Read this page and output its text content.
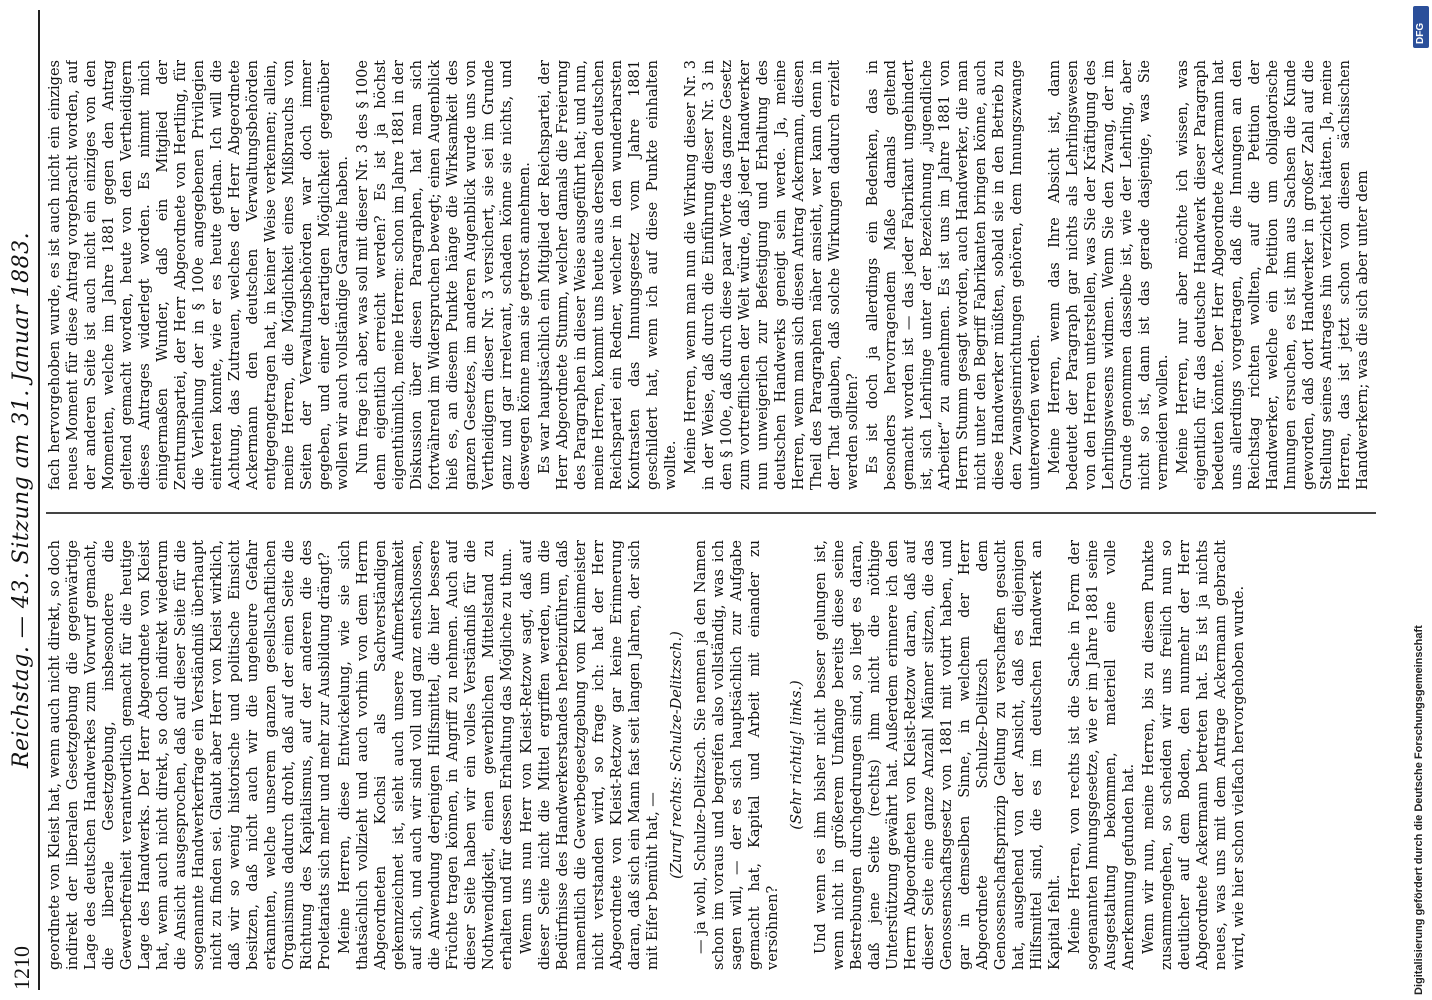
1210
Reichstag. — 43. Sitzung am 31. Januar 1883. geordnete von Kleist hat, wenn auch nicht direkt, so doch indirekt der liberalen Gesetzgebung die gegenwärtige Lage des deutschen Handwerkes zum Vorwurf gemacht, die liberale Gesetzgebung, insbesondere die Gewerbefreiheit verantwortlich gemacht für die heutige Lage des Handwerks. Der Herr Abgeordnete von Kleist hat, wenn auch nicht direkt, so doch indirekt wiederum die Ansicht ausgesprochen, daß auf dieser Seite für die sogenannte Handwerkerfrage ein Verständniß überhaupt nicht zu finden sei. Glaubt aber Herr von Kleist wirklich, daß wir so wenig historische und politische Einsicht besitzen, daß nicht auch wir die ungeheure Gefahr erkannten, welche unserem ganzen gesellschaftlichen Organismus dadurch droht, daß auf der einen Seite die Richtung des Kapitalismus, auf der anderen die des Proletariats sich mehr und mehr zur Ausbildung drängt? Meine Herren, diese Entwickelung, wie sie sich thatsächlich vollzieht und auch vorhin von dem Herrn Abgeordneten Kochsi als Sachverständigen gekennzeichnet ist, sieht auch unsere Aufmerksamkeit auf sich, und auch wir sind voll und ganz entschlossen, die Anwendung derjenigen Hilfsmittel, die hier bessere Früchte tragen können, in Angriff zu nehmen. Auch auf dieser Seite haben wir ein volles Verständniß für die Nothwendigkeit, einen gewerblichen Mittelstand zu erhalten und für dessen Erhaltung das Mögliche zu thun. Wenn uns nun Herr von Kleist-Retzow sagt, daß auf dieser Seite nicht die Mittel ergriffen werden, um die Bedürfnisse des Handwerkerstandes herbeizuführen, daß namentlich die Gewerbegesetzgebung vom Kleinmeister nicht verstanden wird, so frage ich: hat der Herr Abgeordnete von Kleist-Retzow gar keine Erinnerung daran, daß sich ein Mann fast seit langen Jahren, der sich mit Eifer bemüht hat, —

(Zuruf rechts: Schulze-Delitzsch.) — ja wohl, Schulze-Delitzsch. Sie nennen ja den Namen schon im voraus und begreifen also vollständig, was ich sagen will, — der es sich hauptsächlich zur Aufgabe gemacht hat, Kapital und Arbeit mit einander zu versöhnen?

(Sehr richtig! links.) Und wenn es ihm bisher nicht besser gelungen ist, wenn nicht in größerem Umfange bereits diese seine Bestrebungen durchgedrungen sind, so liegt es daran, daß jene Seite (rechts) ihm nicht die nöthige Unterstützung gewährt hat. Außerdem erinnere ich den Herrn Abgeordneten von Kleist-Retzow daran, daß auf dieser Seite eine ganze Anzahl Männer sitzen, die das Genossenschaftsgesetz von 1881 mit votirt haben, und gar in demselben Sinne, in welchem der Herr Abgeordnete Schulze-Delitzsch dem Genossenschaftsprinzip Geltung zu verschaffen gesucht hat, ausgehend von der Ansicht, daß es diejenigen Hilfsmittel sind, die es im deutschen Handwerk an Kapital fehlt. Meine Herren, von rechts ist die Sache in Form der sogenannten Innungsgesetze, wie er im Jahre 1881 seine Ausgestaltung bekommen, materiell eine volle Anerkennung gefunden hat. Wenn wir nun, meine Herren, bis zu diesem Punkte zusammengehen, so scheiden wir uns freilich nun so deutlicher auf dem Boden, den nunmehr der Herr Abgeordnete Ackermann betreten hat. Es ist ja nichts neues, was uns mit dem Antrage Ackermann gebracht wird, wie hier schon vielfach hervorgehoben wurde.

fach hervorgehoben wurde, es ist auch nicht ein einziges neues Moment für diese Antrag vorgebracht worden, auf der anderen Seite ist auch nicht ein einziges von den Momenten, welche im Jahre 1881 gegen den Antrag geltend gemacht worden, heute von den Vertheidigern dieses Antrages widerlegt worden. Es nimmt mich einigermaßen Wunder, daß ein Mitglied der Zentrumspartei, der Herr Abgeordnete von Hertling, für die Verleihung der in § 100e angegebenen Privilegien eintreten konnte, wie er es heute gethan. Ich will die Achtung, das Zutrauen, welches der Herr Abgeordnete Ackermann den deutschen Verwaltungsbehörden entgegengetragen hat, in keiner Weise verkennen; allein, meine Herren, die Möglichkeit eines Mißbrauchs von Seiten der Verwaltungsbehörden war doch immer gegeben, und einer derartigen Möglichkeit gegenüber wollen wir auch vollständige Garantie haben. Nun frage ich aber, was soll mit dieser Nr. 3 des § 100e denn eigentlich erreicht werden? Es ist ja höchst eigenthümlich, meine Herren: schon im Jahre 1881 in der Diskussion über diesen Paragraphen, hat man sich fortwährend im Widerspruchen bewegt; einen Augenblick hieß es, an diesem Punkte hänge die Wirksamkeit des ganzen Gesetzes, im anderen Augenblick wurde uns von Vertheidigern dieser Nr. 3 versichert, sie sei im Grunde ganz und gar irrelevant, schaden könne sie nichts, und deswegen könne man sie getrost annehmen. Es war hauptsächlich ein Mitglied der Reichspartei, der Herr Abgeordnete Stumm, welcher damals die Freierung des Paragraphen in dieser Weise ausgeführt hat; und nun, meine Herren, kommt uns heute aus derselben deutschen Reichspartei ein Redner, welcher in den wunderbarsten Kontrasten das Innungsgesetz vom Jahre 1881 geschildert hat, wenn ich auf diese Punkte einhalten wollte. Meine Herren, wenn man nun die Wirkung dieser Nr. 3 in der Weise, daß durch die Einführung dieser Nr. 3 in den § 100e, daß durch diese paar Worte das ganze Gesetz zum vortrefflichen der Welt würde, daß jeder Handwerker nun unweigerlich zur Befestigung und Erhaltung des deutschen Handwerks geneigt sein werde. Ja, meine Herren, wenn man sich diesen Antrag Ackermann, diesen Theil des Paragraphen näher ansieht, wer kann denn in der That glauben, daß solche Wirkungen dadurch erzielt werden sollten? Es ist doch ja allerdings ein Bedenken, das in besonders hervorragendem Maße damals geltend gemacht worden ist — das jeder Fabrikant ungehindert ist, sich Lehrlinge unter der Bezeichnung „jugendliche Arbeiter“ zu annehmen. Es ist uns im Jahre 1881 von Herrn Stumm gesagt worden, auch Handwerker, die man nicht unter den Begriff Fabrikanten bringen könne, auch diese Handwerker müßten, sobald sie in den Betrieb zu den Zwangseinrichtungen gehören, dem Innungszwange unterworfen werden. Meine Herren, wenn das Ihre Absicht ist, dann bedeutet der Paragraph gar nichts als Lehrlingswesen von den Herren unterstellen, was Sie der Kräftigung des Lehrlingswesens widmen. Wenn Sie den Zwang, der im Grunde genommen dasselbe ist, wie der Lehrling, aber nicht so ist, dann ist das gerade dasjenige, was Sie vermeiden wollen. Meine Herren, nur aber möchte ich wissen, was eigentlich für das deutsche Handwerk dieser Paragraph bedeuten könnte. Der Herr Abgeordnete Ackermann hat uns allerdings vorgetragen, daß die Innungen an den Reichstag richten wollten, auf die Petition der Handwerker, welche ein Petition um obligatorische Innungen ersuchen, es ist ihm aus Sachsen die Kunde geworden, daß dort Handwerker in großer Zahl auf die Stellung seines Antrages hin verzichtet hätten. Ja, meine Herren, das ist jetzt schon von diesen sächsischen Handwerkern; was die sich aber unter dem

DFG
Digitalisierung gefördert durch die Deutsche Forschungsgemeinschaft
